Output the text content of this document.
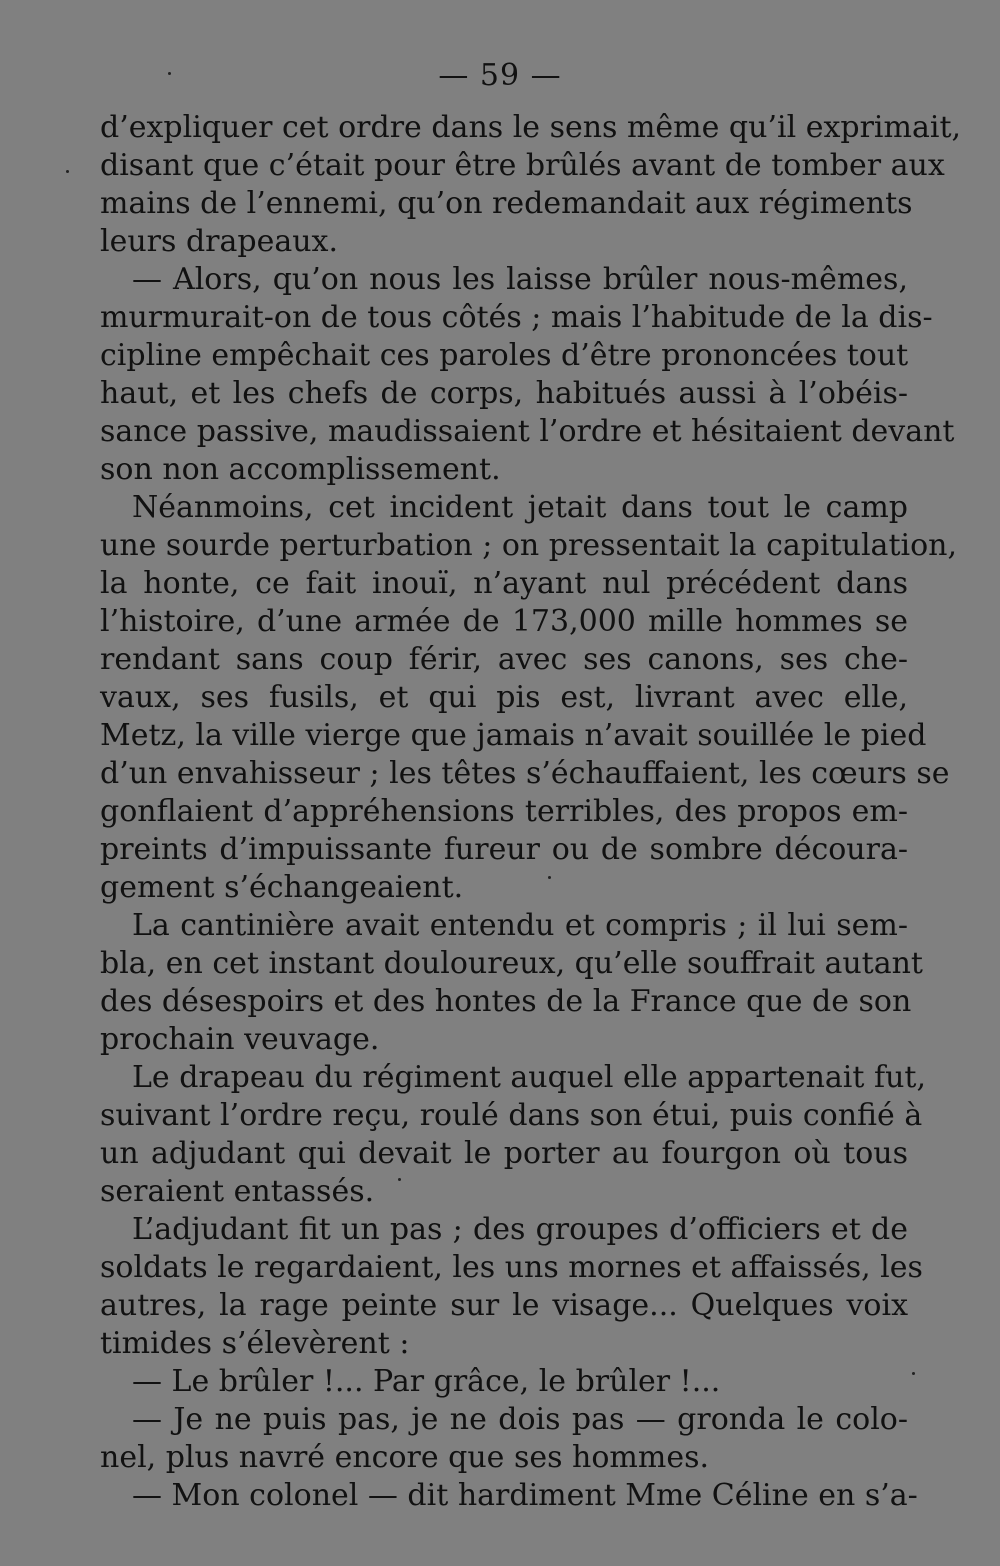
— 59 —
d’expliquer cet ordre dans le sens même qu’il exprimait,
disant que c’était pour être brûlés avant de tomber aux
mains de l’ennemi, qu’on redemandait aux régiments
leurs drapeaux.
— Alors, qu’on nous les laisse brûler nous-mêmes,
murmurait-on de tous côtés ; mais l’habitude de la dis-
cipline empêchait ces paroles d’être prononcées tout
haut, et les chefs de corps, habitués aussi à l’obéis-
sance passive, maudissaient l’ordre et hésitaient devant
son non accomplissement.
Néanmoins, cet incident jetait dans tout le camp
une sourde perturbation ; on pressentait la capitulation,
la honte, ce fait inouï, n’ayant nul précédent dans
l’histoire, d’une armée de 173,000 mille hommes se
rendant sans coup férir, avec ses canons, ses che-
vaux, ses fusils, et qui pis est, livrant avec elle,
Metz, la ville vierge que jamais n’avait souillée le pied
d’un envahisseur ; les têtes s’échauffaient, les cœurs se
gonflaient d’appréhensions terribles, des propos em-
preints d’impuissante fureur ou de sombre découra-
gement s’échangeaient.
La cantinière avait entendu et compris ; il lui sem-
bla, en cet instant douloureux, qu’elle souffrait autant
des désespoirs et des hontes de la France que de son
prochain veuvage.
Le drapeau du régiment auquel elle appartenait fut,
suivant l’ordre reçu, roulé dans son étui, puis confié à
un adjudant qui devait le porter au fourgon où tous
seraient entassés.
L’adjudant fit un pas ; des groupes d’officiers et de
soldats le regardaient, les uns mornes et affaissés, les
autres, la rage peinte sur le visage... Quelques voix
timides s’élevèrent :
— Le brûler !... Par grâce, le brûler !...
— Je ne puis pas, je ne dois pas — gronda le colo-
nel, plus navré encore que ses hommes.
— Mon colonel — dit hardiment Mme Céline en s’a-
